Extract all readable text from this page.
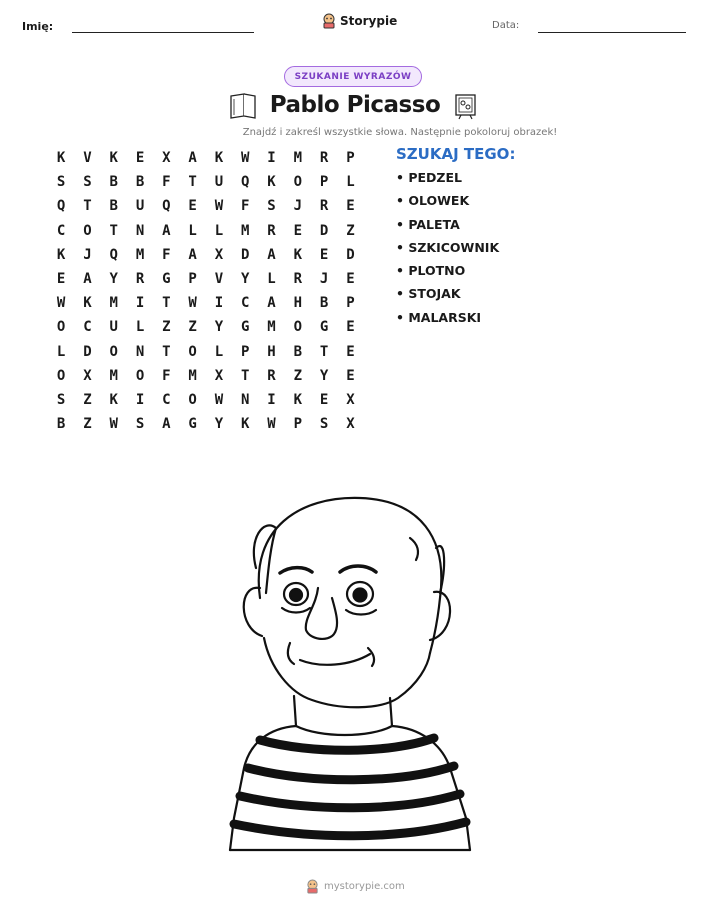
Imię:	Storypie	Data:
SZUKANIE WYRAZÓW
Pablo Picasso
Znajdź i zakreśl wszystkie słowa. Następnie pokoloruj obrazek!
K	V	K	E	X	A	K	W	I	M	R	P
S	S	B	B	F	T	U	Q	K	O	P	L
Q	T	B	U	Q	E	W	F	S	J	R	E
C	O	T	N	A	L	L	M	R	E	D	Z
K	J	Q	M	F	A	X	D	A	K	E	D
E	A	Y	R	G	P	V	Y	L	R	J	E
W	K	M	I	T	W	I	C	A	H	B	P
O	C	U	L	Z	Z	Y	G	M	O	G	E
L	D	O	N	T	O	L	P	H	B	T	E
O	X	M	O	F	M	X	T	R	Z	Y	E
S	Z	K	I	C	O	W	N	I	K	E	X
B	Z	W	S	A	G	Y	K	W	P	S	X
SZUKAJ TEGO:
• PEDZEL
• OLOWEK
• PALETA
• SZKICOWNIK
• PLOTNO
• STOJAK
• MALARSKI
mystorypie.com
